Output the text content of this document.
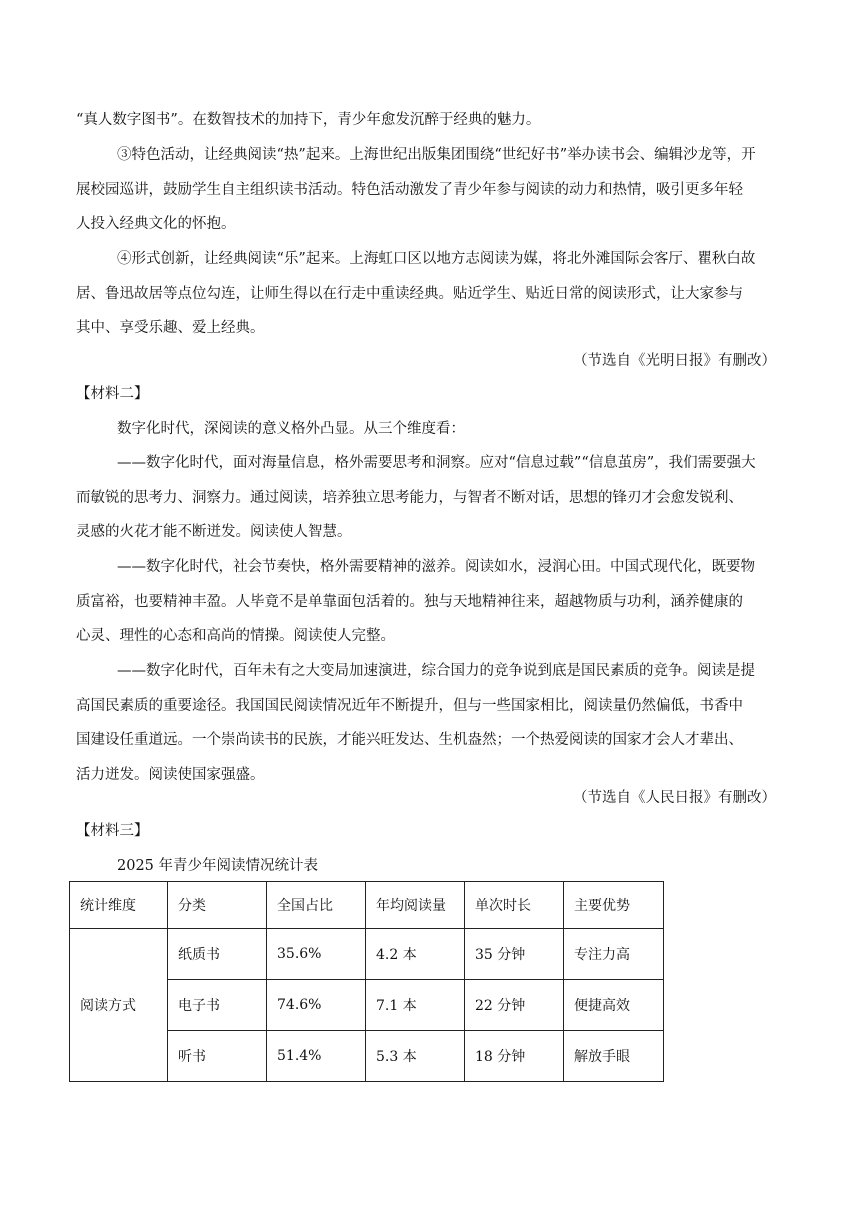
“真人数字图书”。在数智技术的加持下，青少年愈发沉醉于经典的魅力。
③特色活动，让经典阅读“热”起来。上海世纪出版集团围绕“世纪好书”举办读书会、编辑沙龙等，开
展校园巡讲，鼓励学生自主组织读书活动。特色活动激发了青少年参与阅读的动力和热情，吸引更多年轻
人投入经典文化的怀抱。
④形式创新，让经典阅读“乐”起来。上海虹口区以地方志阅读为媒，将北外滩国际会客厅、瞿秋白故
居、鲁迅故居等点位勾连，让师生得以在行走中重读经典。贴近学生、贴近日常的阅读形式，让大家参与
其中、享受乐趣、爱上经典。
（节选自《光明日报》有删改）
【材料二】
数字化时代，深阅读的意义格外凸显。从三个维度看：
——数字化时代，面对海量信息，格外需要思考和洞察。应对“信息过载”“信息茧房”，我们需要强大
而敏锐的思考力、洞察力。通过阅读，培养独立思考能力，与智者不断对话，思想的锋刃才会愈发锐利、
灵感的火花才能不断迸发。阅读使人智慧。
——数字化时代，社会节奏快，格外需要精神的滋养。阅读如水，浸润心田。中国式现代化，既要物
质富裕，也要精神丰盈。人毕竟不是单靠面包活着的。独与天地精神往来，超越物质与功利，涵养健康的
心灵、理性的心态和高尚的情操。阅读使人完整。
——数字化时代，百年未有之大变局加速演进，综合国力的竞争说到底是国民素质的竞争。阅读是提
高国民素质的重要途径。我国国民阅读情况近年不断提升，但与一些国家相比，阅读量仍然偏低，书香中
国建设任重道远。一个崇尚读书的民族，才能兴旺发达、生机盎然；一个热爱阅读的国家才会人才辈出、
活力迸发。阅读使国家强盛。
（节选自《人民日报》有删改）
【材料三】
2025 年青少年阅读情况统计表
统计维度	分类	全国占比	年均阅读量	单次时长	主要优势
阅读方式	纸质书	35.6%	4.2 本	35 分钟	专注力高
	电子书	74.6%	7.1 本	22 分钟	便捷高效
	听书	51.4%	5.3 本	18 分钟	解放手眼
